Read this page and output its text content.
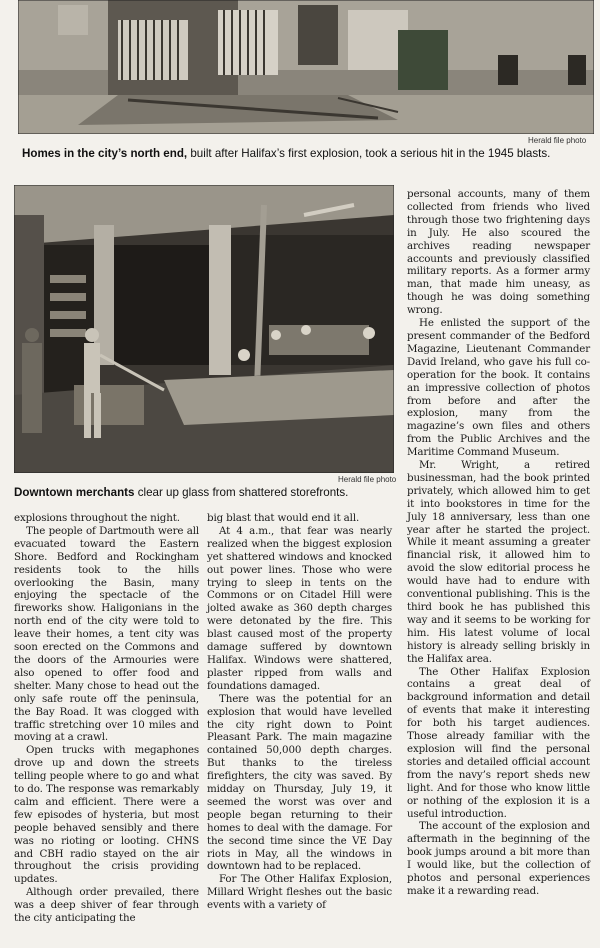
Herald file photo
Homes in the city’s north end, built after Halifax’s first explosion, took a serious hit in the 1945 blasts.
Herald file photo
Downtown merchants clear up glass from shattered storefronts.

personal accounts, many of them collected from friends who lived through those two frightening days in July. He also scoured the archives reading newspaper accounts and previously classified military reports. As a former army man, that made him uneasy, as though he was doing something wrong.

He enlisted the support of the present commander of the Bedford Magazine, Lieutenant Commander David Ireland, who gave his full co-operation for the book. It contains an impressive collection of photos from before and after the explosion, many from the magazine’s own files and others from the Public Archives and the Maritime Command Museum.

Mr. Wright, a retired businessman, had the book printed privately, which allowed him to get it into bookstores in time for the July 18 anniversary, less than one year after he started the project. While it meant assuming a greater financial risk, it allowed him to avoid the slow editorial process he would have had to endure with conventional publishing. This is the third book he has published this way and it seems to be working for him. His latest volume of local history is already selling briskly in the Halifax area.

The Other Halifax Explosion contains a great deal of background information and detail of events that make it interesting for both his target audiences. Those already familiar with the explosion will find the personal stories and detailed official account from the navy’s report sheds new light. And for those who know little or nothing of the explosion it is a useful introduction.

The account of the explosion and aftermath in the beginning of the book jumps around a bit more than I would like, but the collection of photos and personal experiences make it a rewarding read.

explosions throughout the night.

The people of Dartmouth were all evacuated toward the Eastern Shore. Bedford and Rockingham residents took to the hills overlooking the Basin, many enjoying the spectacle of the fireworks show. Haligonians in the north end of the city were told to leave their homes, a tent city was soon erected on the Commons and the doors of the Armouries were also opened to offer food and shelter. Many chose to head out the only safe route off the peninsula, the Bay Road. It was clogged with traffic stretching over 10 miles and moving at a crawl.

Open trucks with megaphones drove up and down the streets telling people where to go and what to do. The response was remarkably calm and efficient. There were a few episodes of hysteria, but most people behaved sensibly and there was no rioting or looting. CHNS and CBH radio stayed on the air throughout the crisis providing updates.

Although order prevailed, there was a deep shiver of fear through the city anticipating the

big blast that would end it all.

At 4 a.m., that fear was nearly realized when the biggest explosion yet shattered windows and knocked out power lines. Those who were trying to sleep in tents on the Commons or on Citadel Hill were jolted awake as 360 depth charges were detonated by the fire. This blast caused most of the property damage suffered by downtown Halifax. Windows were shattered, plaster ripped from walls and foundations damaged.

There was the potential for an explosion that would have levelled the city right down to Point Pleasant Park. The main magazine contained 50,000 depth charges. But thanks to the tireless firefighters, the city was saved. By midday on Thursday, July 19, it seemed the worst was over and people began returning to their homes to deal with the damage. For the second time since the VE Day riots in May, all the windows in downtown had to be replaced.

For The Other Halifax Explosion, Millard Wright fleshes out the basic events with a variety of
